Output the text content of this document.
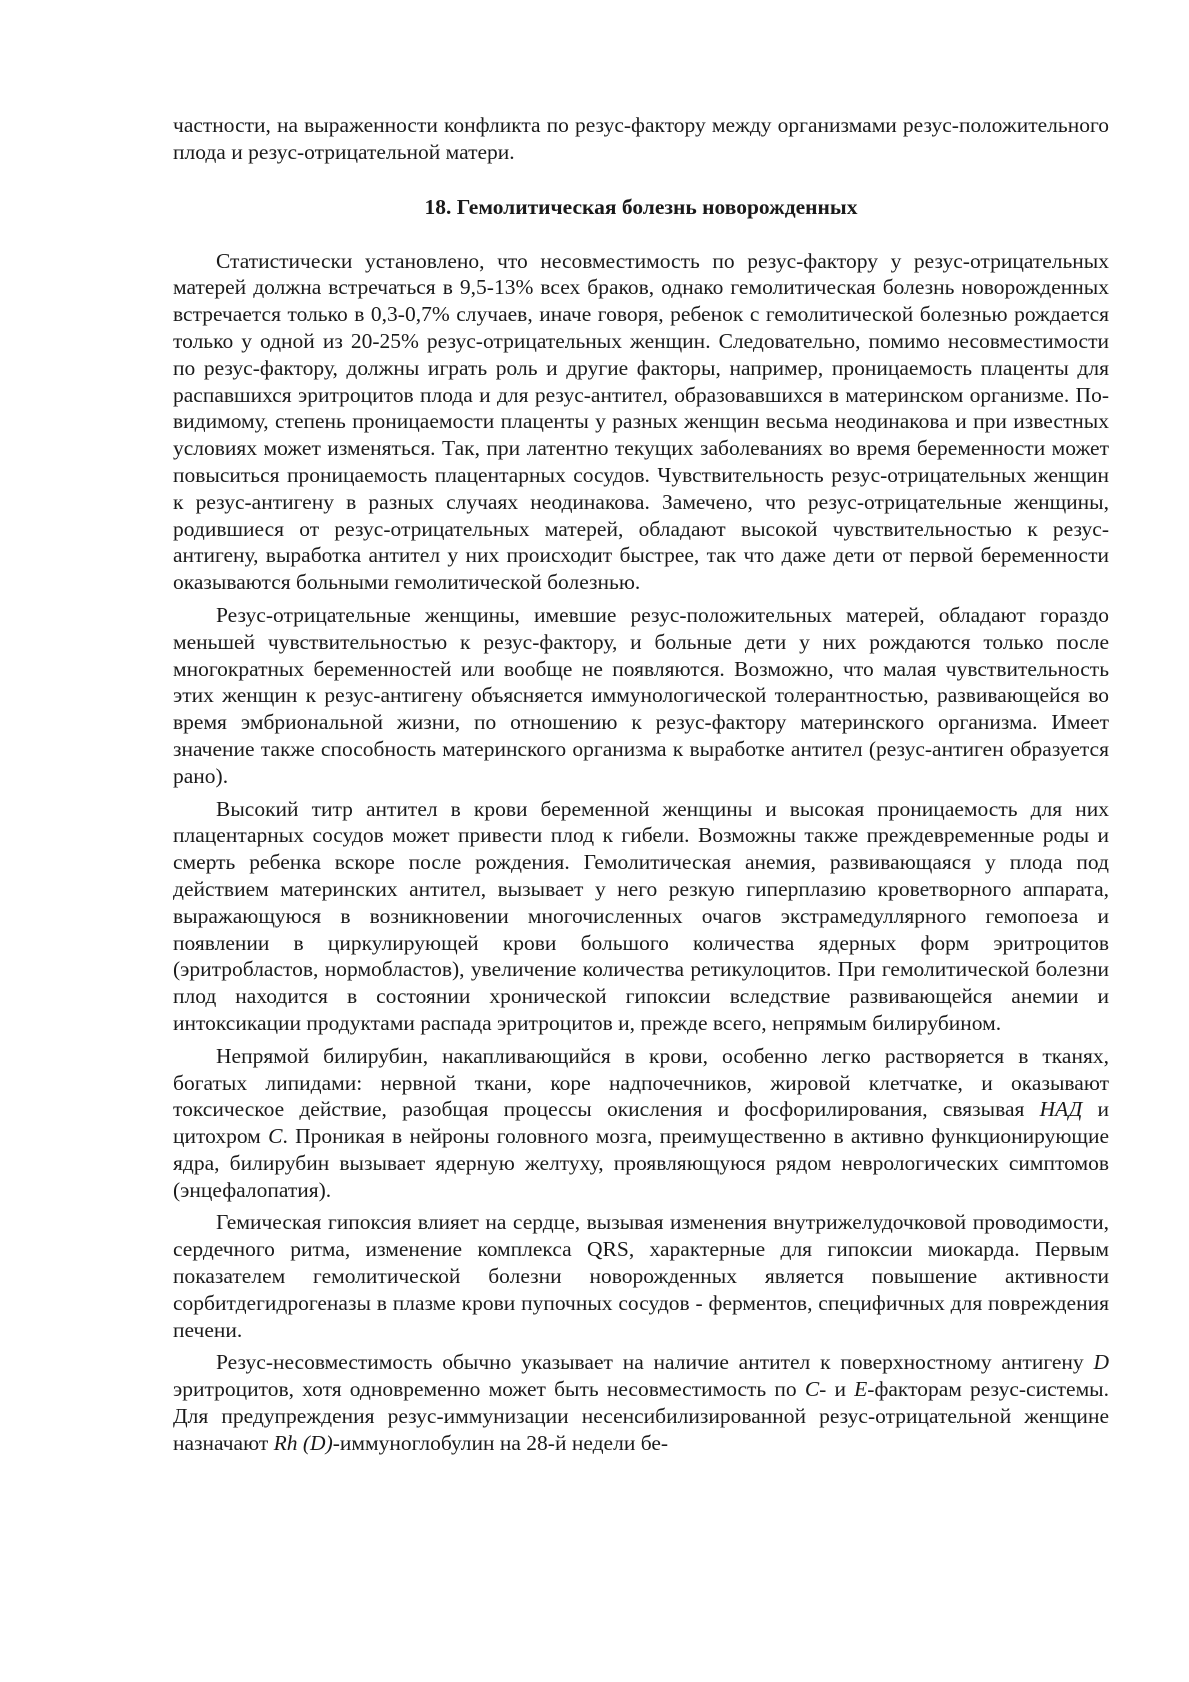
частности, на выраженности конфликта по резус-фактору между организмами резус-положительного плода и резус-отрицательной матери.

18. Гемолитическая болезнь новорожденных

Статистически установлено, что несовместимость по резус-фактору у резус-отрицательных матерей должна встречаться в 9,5-13% всех браков, однако гемолитическая болезнь новорожденных встречается только в 0,3-0,7% случаев, иначе говоря, ребенок с гемолитической болезнью рождается только у одной из 20-25% резус-отрицательных женщин. Следовательно, помимо несовместимости по резус-фактору, должны играть роль и другие факторы, например, проницаемость плаценты для распавшихся эритроцитов плода и для резус-антител, образовавшихся в материнском организме. По-видимому, степень проницаемости плаценты у разных женщин весьма неодинакова и при известных условиях может изменяться. Так, при латентно текущих заболеваниях во время беременности может повыситься проницаемость плацентарных сосудов. Чувствительность резус-отрицательных женщин к резус-антигену в разных случаях неодинакова. Замечено, что резус-отрицательные женщины, родившиеся от резус-отрицательных матерей, обладают высокой чувствительностью к резус-антигену, выработка антител у них происходит быстрее, так что даже дети от первой беременности оказываются больными гемолитической болезнью.

Резус-отрицательные женщины, имевшие резус-положительных матерей, обладают гораздо меньшей чувствительностью к резус-фактору, и больные дети у них рождаются только после многократных беременностей или вообще не появляются. Возможно, что малая чувствительность этих женщин к резус-антигену объясняется иммунологической толерантностью, развивающейся во время эмбриональной жизни, по отношению к резус-фактору материнского организма. Имеет значение также способность материнского организма к выработке антител (резус-антиген образуется рано).

Высокий титр антител в крови беременной женщины и высокая проницаемость для них плацентарных сосудов может привести плод к гибели. Возможны также преждевременные роды и смерть ребенка вскоре после рождения. Гемолитическая анемия, развивающаяся у плода под действием материнских антител, вызывает у него резкую гиперплазию кроветворного аппарата, выражающуюся в возникновении многочисленных очагов экстрамедуллярного гемопоеза и появлении в циркулирующей крови большого количества ядерных форм эритроцитов (эритробластов, нормобластов), увеличение количества ретикулоцитов. При гемолитической болезни плод находится в состоянии хронической гипоксии вследствие развивающейся анемии и интоксикации продуктами распада эритроцитов и, прежде всего, непрямым билирубином.

Непрямой билирубин, накапливающийся в крови, особенно легко растворяется в тканях, богатых липидами: нервной ткани, коре надпочечников, жировой клетчатке, и оказывают токсическое действие, разобщая процессы окисления и фосфорилирования, связывая НАД и цитохром С. Проникая в нейроны головного мозга, преимущественно в активно функционирующие ядра, билирубин вызывает ядерную желтуху, проявляющуюся рядом неврологических симптомов (энцефалопатия).

Гемическая гипоксия влияет на сердце, вызывая изменения внутрижелудочковой проводимости, сердечного ритма, изменение комплекса QRS, характерные для гипоксии миокарда. Первым показателем гемолитической болезни новорожденных является повышение активности сорбитдегидрогеназы в плазме крови пупочных сосудов - ферментов, специфичных для повреждения печени.

Резус-несовместимость обычно указывает на наличие антител к поверхностному антигену D эритроцитов, хотя одновременно может быть несовместимость по С- и Е-факторам резус-системы. Для предупреждения резус-иммунизации несенсибилизированной резус-отрицательной женщине назначают Rh (D)-иммуноглобулин на 28-й недели бе-
